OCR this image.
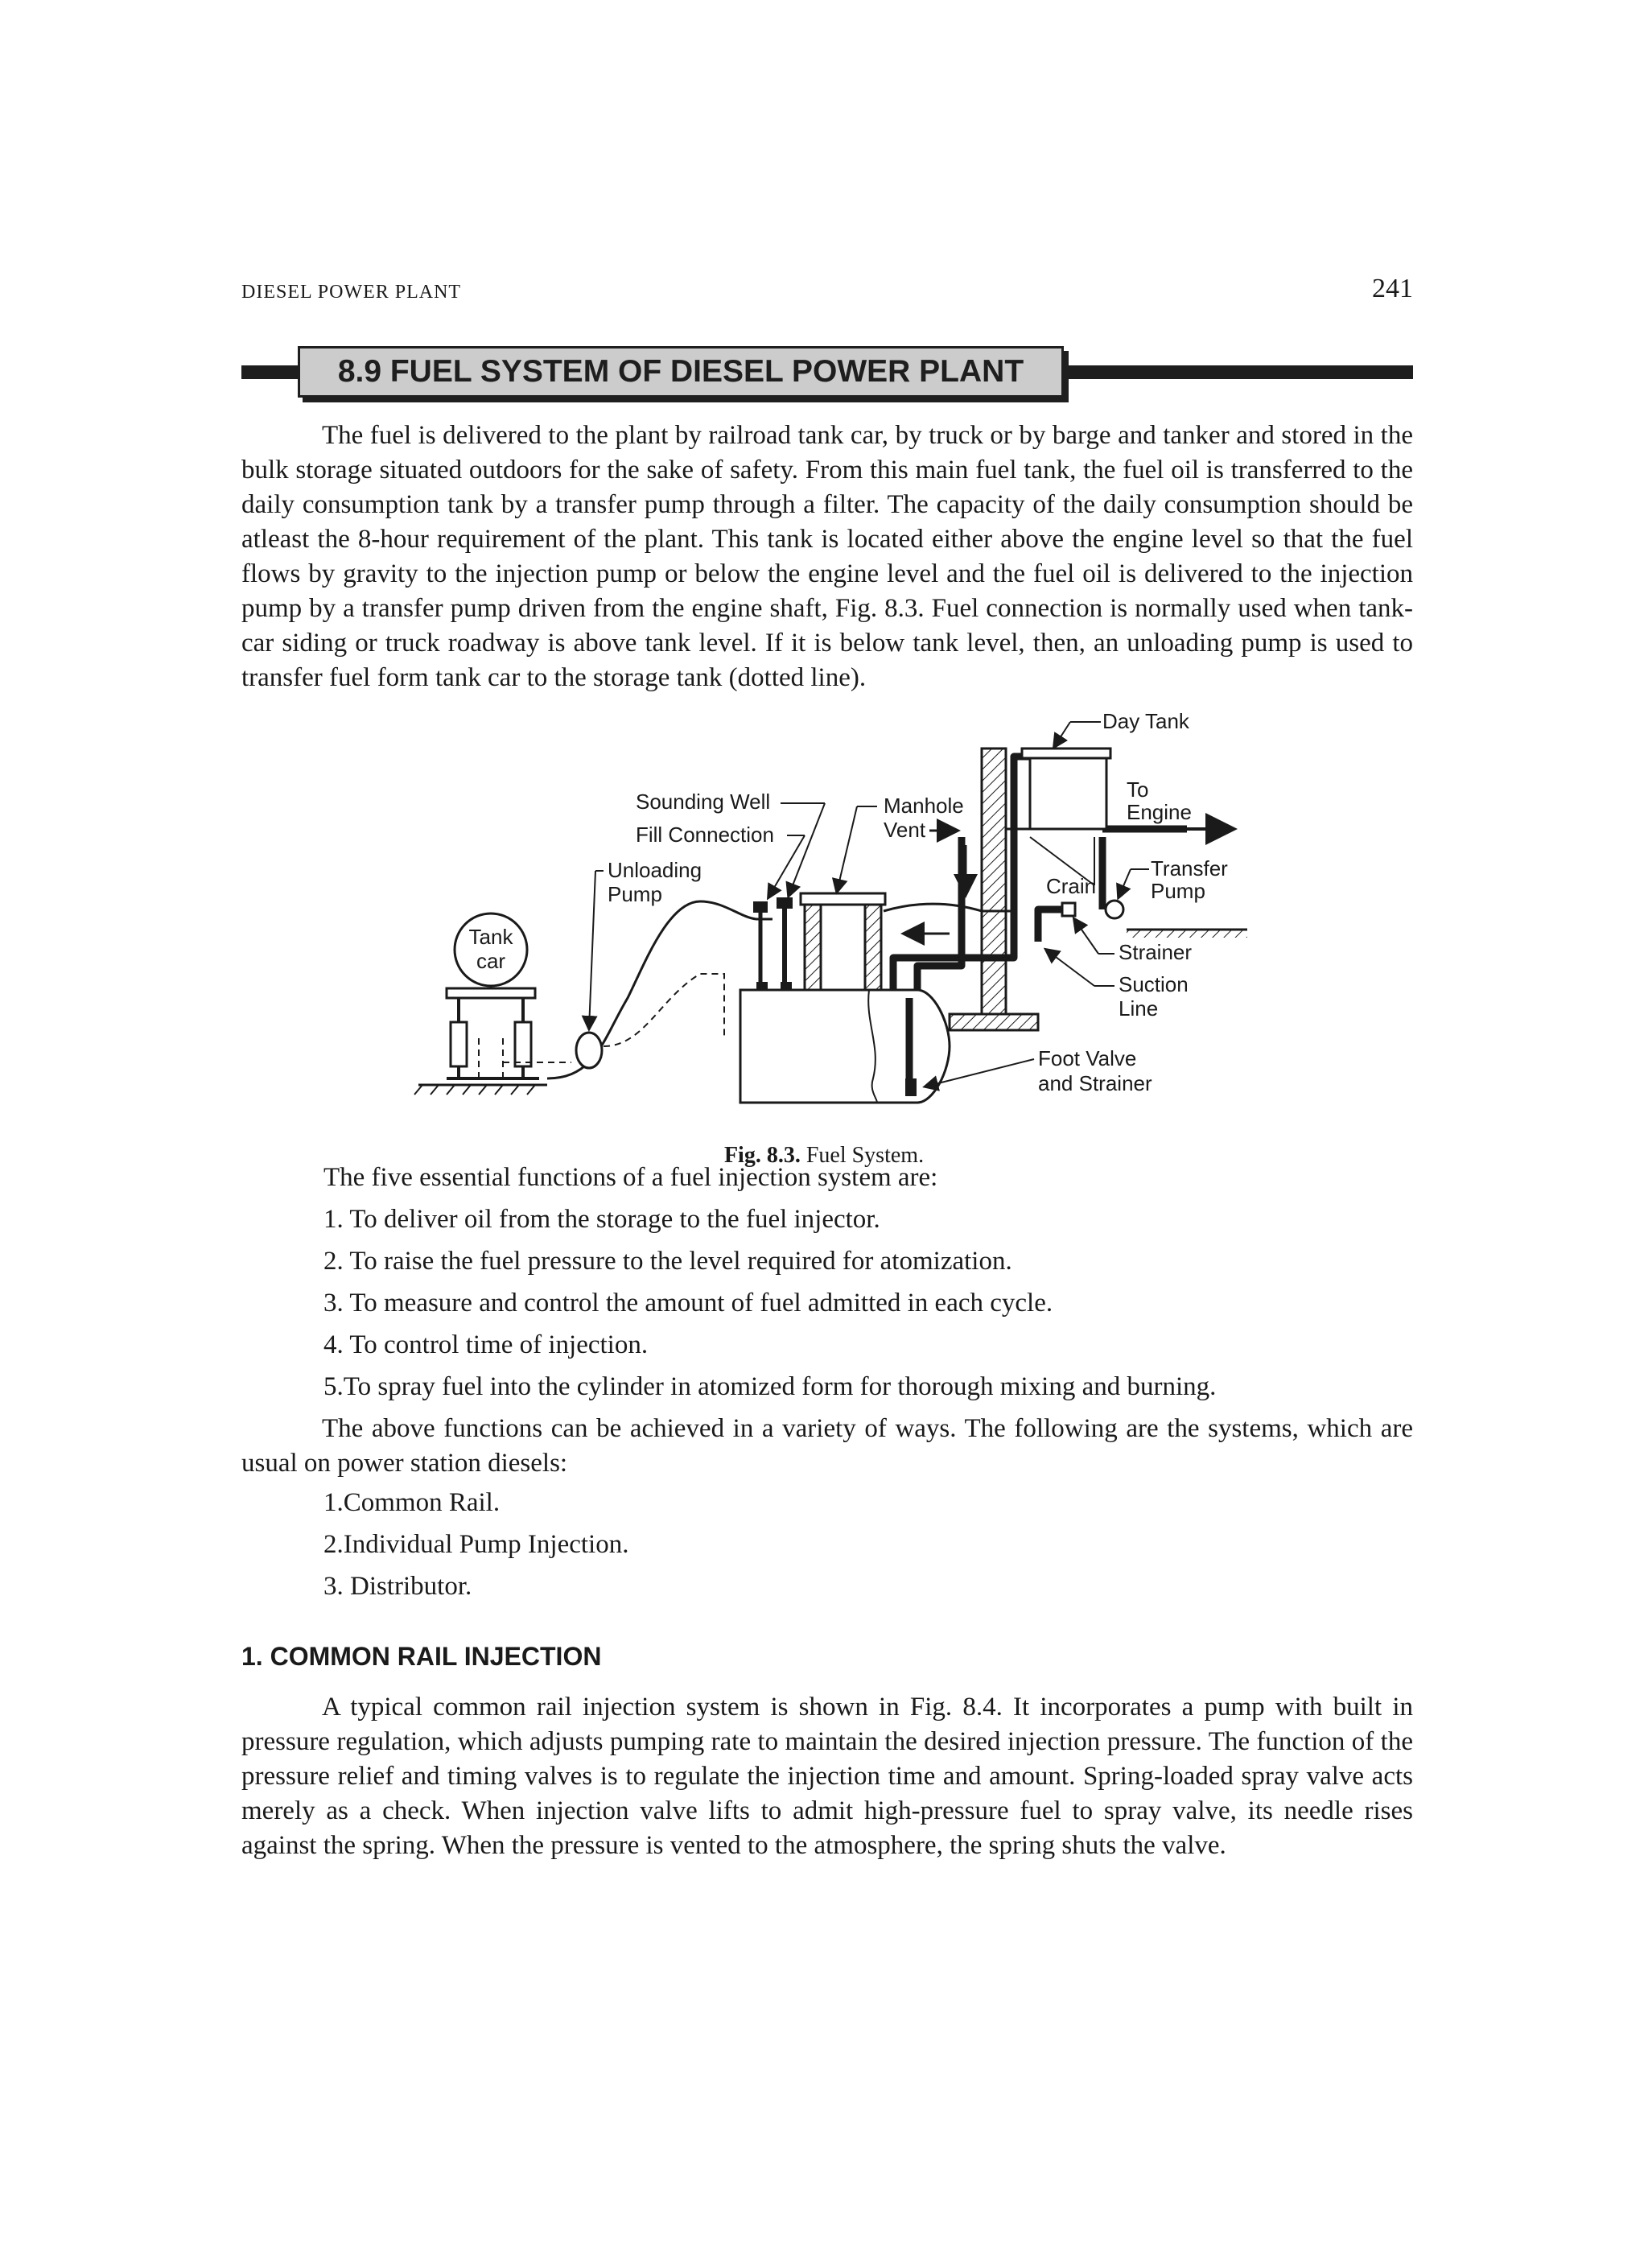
DIESEL POWER PLANT	241
8.9 FUEL SYSTEM OF DIESEL POWER PLANT

The fuel is delivered to the plant by railroad tank car, by truck or by barge and tanker and stored in the bulk storage situated outdoors for the sake of safety. From this main fuel tank, the fuel oil is transferred to the daily consumption tank by a transfer pump through a filter. The capacity of the daily consumption should be atleast the 8-hour requirement of the plant. This tank is located either above the engine level so that the fuel flows by gravity to the injection pump or below the engine level and the fuel oil is delivered to the injection pump by a transfer pump driven from the engine shaft, Fig. 8.3. Fuel connection is normally used when tank-car siding or truck roadway is above tank level. If it is below tank level, then, an unloading pump is used to transfer fuel form tank car to the storage tank (dotted line).

Tank
car
Day Tank
To
Engine
Sounding Well
Fill Connection
Manhole
Vent
Unloading
Pump	Crain
Transfer
Pump
Strainer
Suction
Line
Foot Valve
and Strainer
Fig. 8.3. Fuel System.

The five essential functions of a fuel injection system are:

1. To deliver oil from the storage to the fuel injector.

2. To raise the fuel pressure to the level required for atomization.

3. To measure and control the amount of fuel admitted in each cycle.

4. To control time of injection.

5.To spray fuel into the cylinder in atomized form for thorough mixing and burning.

The above functions can be achieved in a variety of ways. The following are the systems, which are usual on power station diesels:

1.Common Rail.

2.Individual Pump Injection.

3. Distributor.

1. COMMON RAIL INJECTION

A typical common rail injection system is shown in Fig. 8.4. It incorporates a pump with built in pressure regulation, which adjusts pumping rate to maintain the desired injection pressure. The function of the pressure relief and timing valves is to regulate the injection time and amount. Spring-loaded spray valve acts merely as a check. When injection valve lifts to admit high-pressure fuel to spray valve, its needle rises against the spring. When the pressure is vented to the atmosphere, the spring shuts the valve.
